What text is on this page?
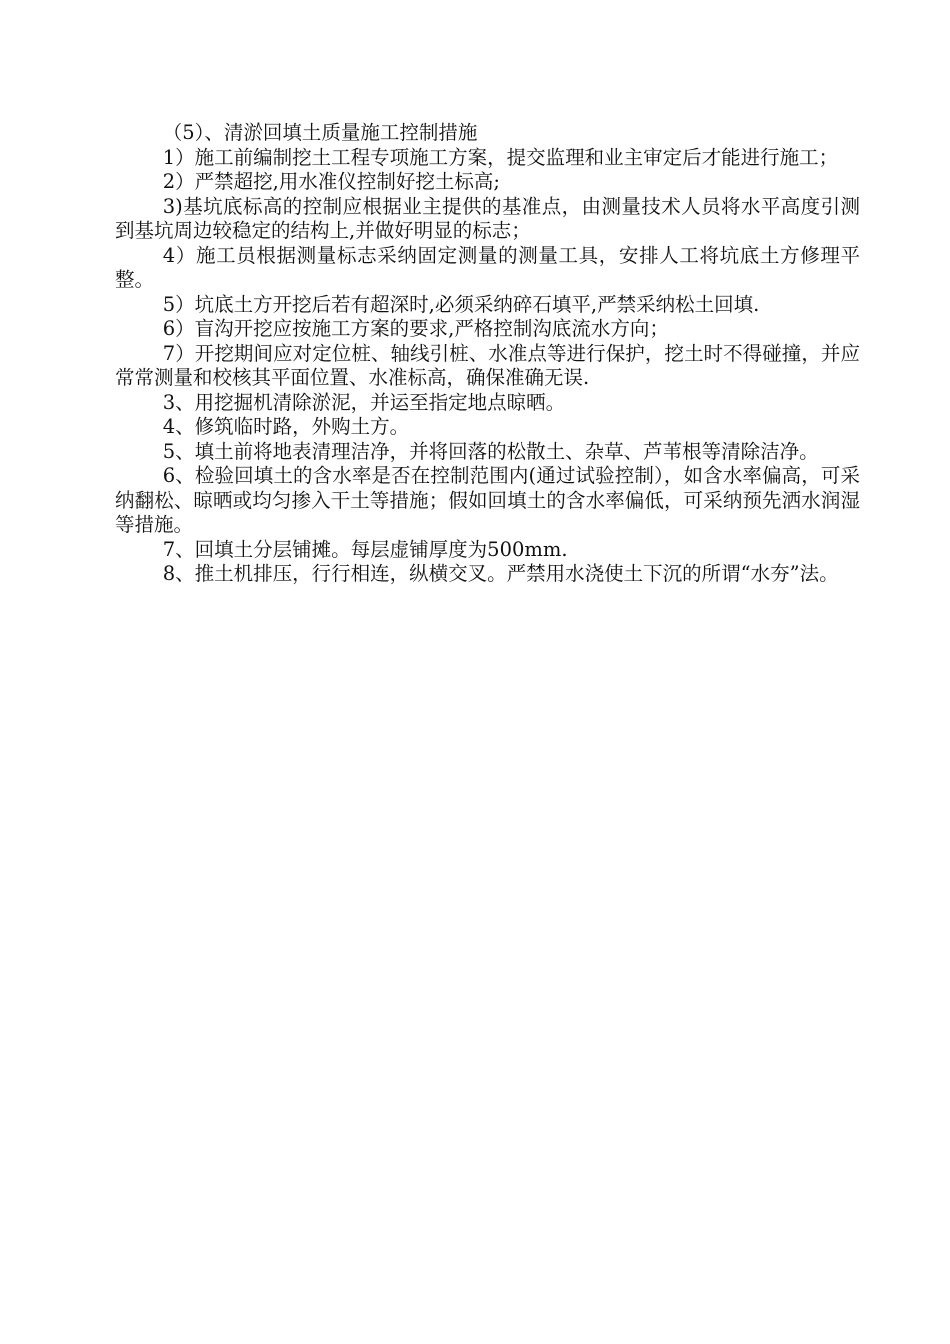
（5）、清淤回填土质量施工控制措施

1）施工前编制挖土工程专项施工方案，提交监理和业主审定后才能进行施工；

2）严禁超挖,用水准仪控制好挖土标高;

3)基坑底标高的控制应根据业主提供的基准点，由测量技术人员将水平高度引测到基坑周边较稳定的结构上,并做好明显的标志；

4）施工员根据测量标志采纳固定测量的测量工具，安排人工将坑底土方修理平整。

5）坑底土方开挖后若有超深时,必须采纳碎石填平,严禁采纳松土回填.

6）盲沟开挖应按施工方案的要求,严格控制沟底流水方向；

7）开挖期间应对定位桩、轴线引桩、水准点等进行保护，挖土时不得碰撞，并应常常测量和校核其平面位置、水准标高，确保准确无误.

3、用挖掘机清除淤泥，并运至指定地点晾晒。

4、修筑临时路，外购土方。

5、填土前将地表清理洁净，并将回落的松散土、杂草、芦苇根等清除洁净。

6、检验回填土的含水率是否在控制范围内(通过试验控制），如含水率偏高，可采纳翻松、晾晒或均匀掺入干土等措施；假如回填土的含水率偏低，可采纳预先洒水润湿等措施。

7、回填土分层铺摊。每层虚铺厚度为500mm.

8、推土机排压，行行相连，纵横交叉。严禁用水浇使土下沉的所谓“水夯”法。
